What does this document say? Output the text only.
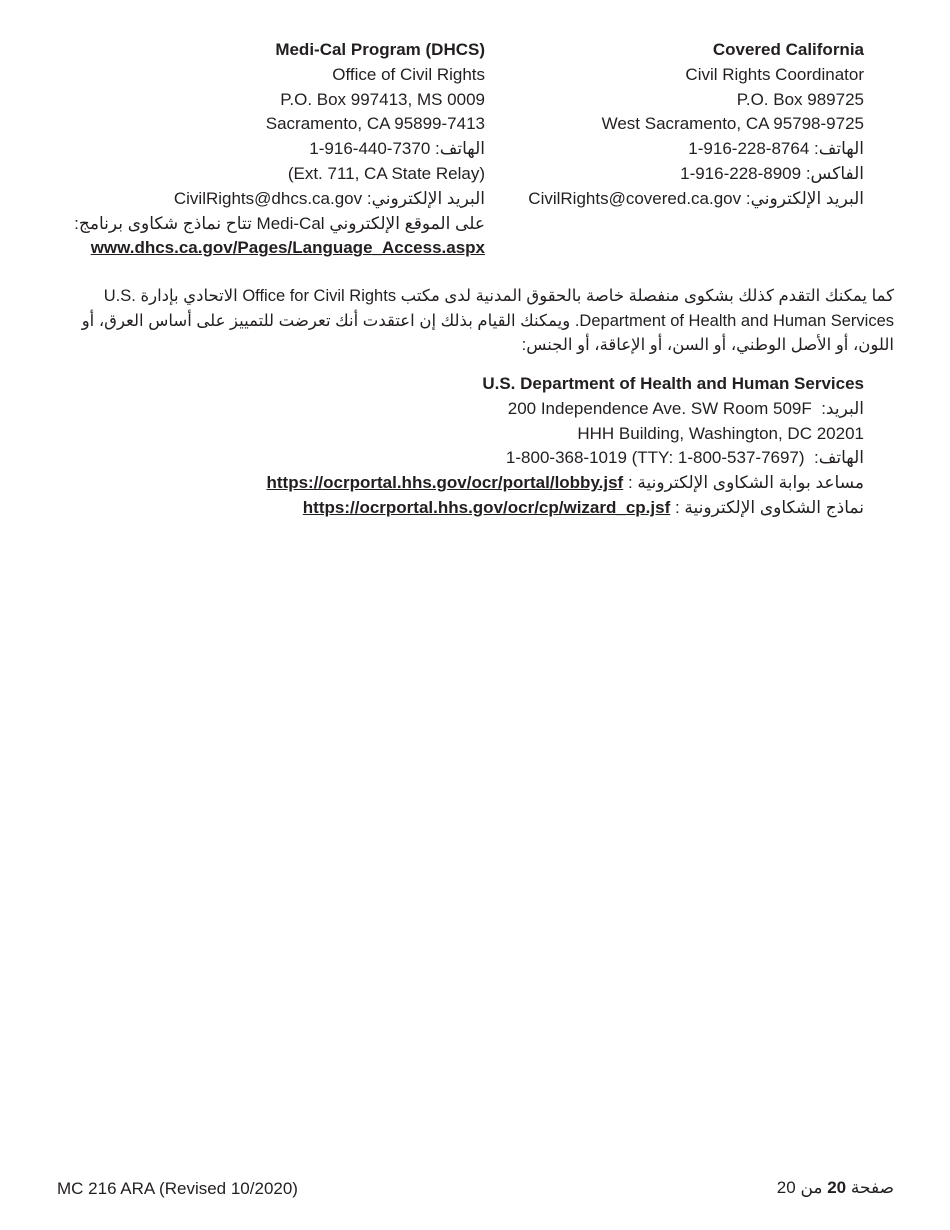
Covered California
Civil Rights Coordinator
P.O. Box 989725
West Sacramento, CA 95798-9725
الهاتف: 1-916-228-8764
الفاكس: 1-916-228-8909
البريد الإلكتروني: CivilRights@covered.ca.gov
Medi-Cal Program (DHCS)
Office of Civil Rights
P.O. Box 997413, MS 0009
Sacramento, CA 95899-7413
الهاتف: 1-916-440-7370
(Ext. 711, CA State Relay)
البريد الإلكتروني: CivilRights@dhcs.ca.gov
على الموقع الإلكتروني Medi-Cal تتاح نماذج شكاوى برنامج:
www.dhcs.ca.gov/Pages/Language_Access.aspx
كما يمكنك التقدم كذلك بشكوى منفصلة خاصة بالحقوق المدنية لدى مكتب Office for Civil Rights الاتحادي بإدارة U.S. Department of Health and Human Services. ويمكنك القيام بذلك إن اعتقدت أنك تعرضت للتمييز على أساس العرق، أو اللون، أو الأصل الوطني، أو السن، أو الإعاقة، أو الجنس:
U.S. Department of Health and Human Services
البريد:  200 Independence Ave. SW Room 509F
HHH Building, Washington, DC 20201
الهاتف:  1-800-368-1019 (TTY: 1-800-537-7697)
مساعد بوابة الشكاوى الإلكترونية : https://ocrportal.hhs.gov/ocr/portal/lobby.jsf
نماذج الشكاوى الإلكترونية : https://ocrportal.hhs.gov/ocr/cp/wizard_cp.jsf
MC 216 ARA (Revised 10/2020)	صفحة 20 من 20
